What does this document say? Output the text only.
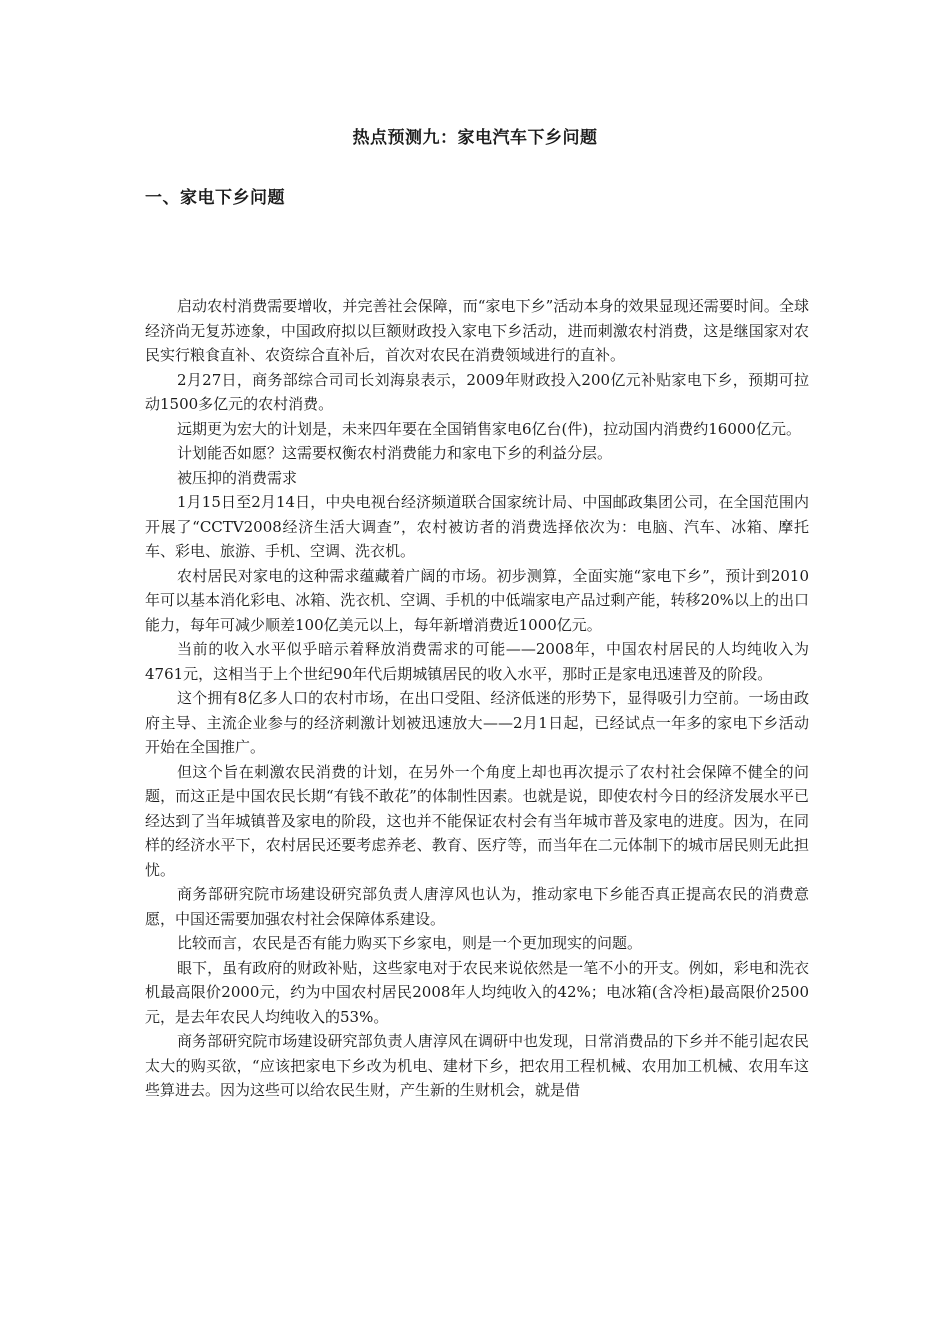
热点预测九：家电汽车下乡问题
一、家电下乡问题

启动农村消费需要增收，并完善社会保障，而“家电下乡”活动本身的效果显现还需要时间。全球经济尚无复苏迹象，中国政府拟以巨额财政投入家电下乡活动，进而刺激农村消费，这是继国家对农民实行粮食直补、农资综合直补后，首次对农民在消费领域进行的直补。

2月27日，商务部综合司司长刘海泉表示，2009年财政投入200亿元补贴家电下乡，预期可拉动1500多亿元的农村消费。

远期更为宏大的计划是，未来四年要在全国销售家电6亿台(件)，拉动国内消费约16000亿元。

计划能否如愿？这需要权衡农村消费能力和家电下乡的利益分层。

被压抑的消费需求

1月15日至2月14日，中央电视台经济频道联合国家统计局、中国邮政集团公司，在全国范围内开展了“CCTV2008经济生活大调查”，农村被访者的消费选择依次为：电脑、汽车、冰箱、摩托车、彩电、旅游、手机、空调、洗衣机。

农村居民对家电的这种需求蕴藏着广阔的市场。初步测算，全面实施“家电下乡”，预计到2010年可以基本消化彩电、冰箱、洗衣机、空调、手机的中低端家电产品过剩产能，转移20%以上的出口能力，每年可减少顺差100亿美元以上，每年新增消费近1000亿元。

当前的收入水平似乎暗示着释放消费需求的可能——2008年，中国农村居民的人均纯收入为4761元，这相当于上个世纪90年代后期城镇居民的收入水平，那时正是家电迅速普及的阶段。

这个拥有8亿多人口的农村市场，在出口受阻、经济低迷的形势下，显得吸引力空前。一场由政府主导、主流企业参与的经济刺激计划被迅速放大——2月1日起，已经试点一年多的家电下乡活动开始在全国推广。

但这个旨在刺激农民消费的计划，在另外一个角度上却也再次提示了农村社会保障不健全的问题，而这正是中国农民长期“有钱不敢花”的体制性因素。也就是说，即使农村今日的经济发展水平已经达到了当年城镇普及家电的阶段，这也并不能保证农村会有当年城市普及家电的进度。因为，在同样的经济水平下，农村居民还要考虑养老、教育、医疗等，而当年在二元体制下的城市居民则无此担忧。

商务部研究院市场建设研究部负责人唐淳风也认为，推动家电下乡能否真正提高农民的消费意愿，中国还需要加强农村社会保障体系建设。

比较而言，农民是否有能力购买下乡家电，则是一个更加现实的问题。

眼下，虽有政府的财政补贴，这些家电对于农民来说依然是一笔不小的开支。例如，彩电和洗衣机最高限价2000元，约为中国农村居民2008年人均纯收入的42%；电冰箱(含冷柜)最高限价2500元，是去年农民人均纯收入的53%。

商务部研究院市场建设研究部负责人唐淳风在调研中也发现，日常消费品的下乡并不能引起农民太大的购买欲，“应该把家电下乡改为机电、建材下乡，把农用工程机械、农用加工机械、农用车这些算进去。因为这些可以给农民生财，产生新的生财机会，就是借
